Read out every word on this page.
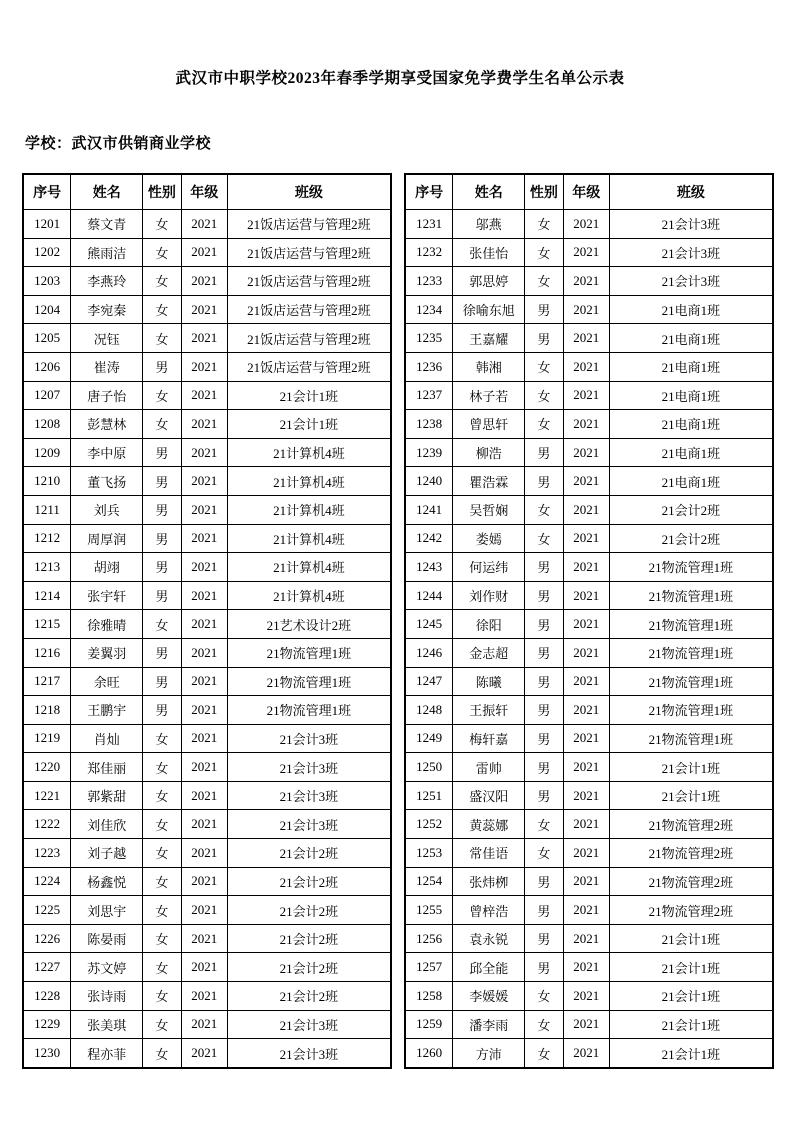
武汉市中职学校2023年春季学期享受国家免学费学生名单公示表
学校：武汉市供销商业学校
序号	姓名	性别	年级	班级
1201	蔡文青	女	2021	21饭店运营与管理2班
1202	熊雨洁	女	2021	21饭店运营与管理2班
1203	李燕玲	女	2021	21饭店运营与管理2班
1204	李宛秦	女	2021	21饭店运营与管理2班
1205	况钰	女	2021	21饭店运营与管理2班
1206	崔涛	男	2021	21饭店运营与管理2班
1207	唐子怡	女	2021	21会计1班
1208	彭慧林	女	2021	21会计1班
1209	李中原	男	2021	21计算机4班
1210	董飞扬	男	2021	21计算机4班
1211	刘兵	男	2021	21计算机4班
1212	周厚润	男	2021	21计算机4班
1213	胡翊	男	2021	21计算机4班
1214	张宇轩	男	2021	21计算机4班
1215	徐雅晴	女	2021	21艺术设计2班
1216	姜翼羽	男	2021	21物流管理1班
1217	余旺	男	2021	21物流管理1班
1218	王鹏宇	男	2021	21物流管理1班
1219	肖灿	女	2021	21会计3班
1220	郑佳丽	女	2021	21会计3班
1221	郭紫甜	女	2021	21会计3班
1222	刘佳欣	女	2021	21会计3班
1223	刘子越	女	2021	21会计2班
1224	杨鑫悦	女	2021	21会计2班
1225	刘思宇	女	2021	21会计2班
1226	陈晏雨	女	2021	21会计2班
1227	苏文婷	女	2021	21会计2班
1228	张诗雨	女	2021	21会计2班
1229	张美琪	女	2021	21会计3班
1230	程亦菲	女	2021	21会计3班
序号	姓名	性别	年级	班级
1231	邬燕	女	2021	21会计3班
1232	张佳怡	女	2021	21会计3班
1233	郭思婷	女	2021	21会计3班
1234	徐喻东旭	男	2021	21电商1班
1235	王嘉耀	男	2021	21电商1班
1236	韩湘	女	2021	21电商1班
1237	林子若	女	2021	21电商1班
1238	曾思轩	女	2021	21电商1班
1239	柳浩	男	2021	21电商1班
1240	瞿浩霖	男	2021	21电商1班
1241	吴哲娴	女	2021	21会计2班
1242	娄嫣	女	2021	21会计2班
1243	何运纬	男	2021	21物流管理1班
1244	刘作财	男	2021	21物流管理1班
1245	徐阳	男	2021	21物流管理1班
1246	金志超	男	2021	21物流管理1班
1247	陈曦	男	2021	21物流管理1班
1248	王振轩	男	2021	21物流管理1班
1249	梅轩嘉	男	2021	21物流管理1班
1250	雷帅	男	2021	21会计1班
1251	盛汉阳	男	2021	21会计1班
1252	黄蕊娜	女	2021	21物流管理2班
1253	常佳语	女	2021	21物流管理2班
1254	张炜栁	男	2021	21物流管理2班
1255	曾梓浩	男	2021	21物流管理2班
1256	袁永锐	男	2021	21会计1班
1257	邱全能	男	2021	21会计1班
1258	李媛媛	女	2021	21会计1班
1259	潘李雨	女	2021	21会计1班
1260	方沛	女	2021	21会计1班
